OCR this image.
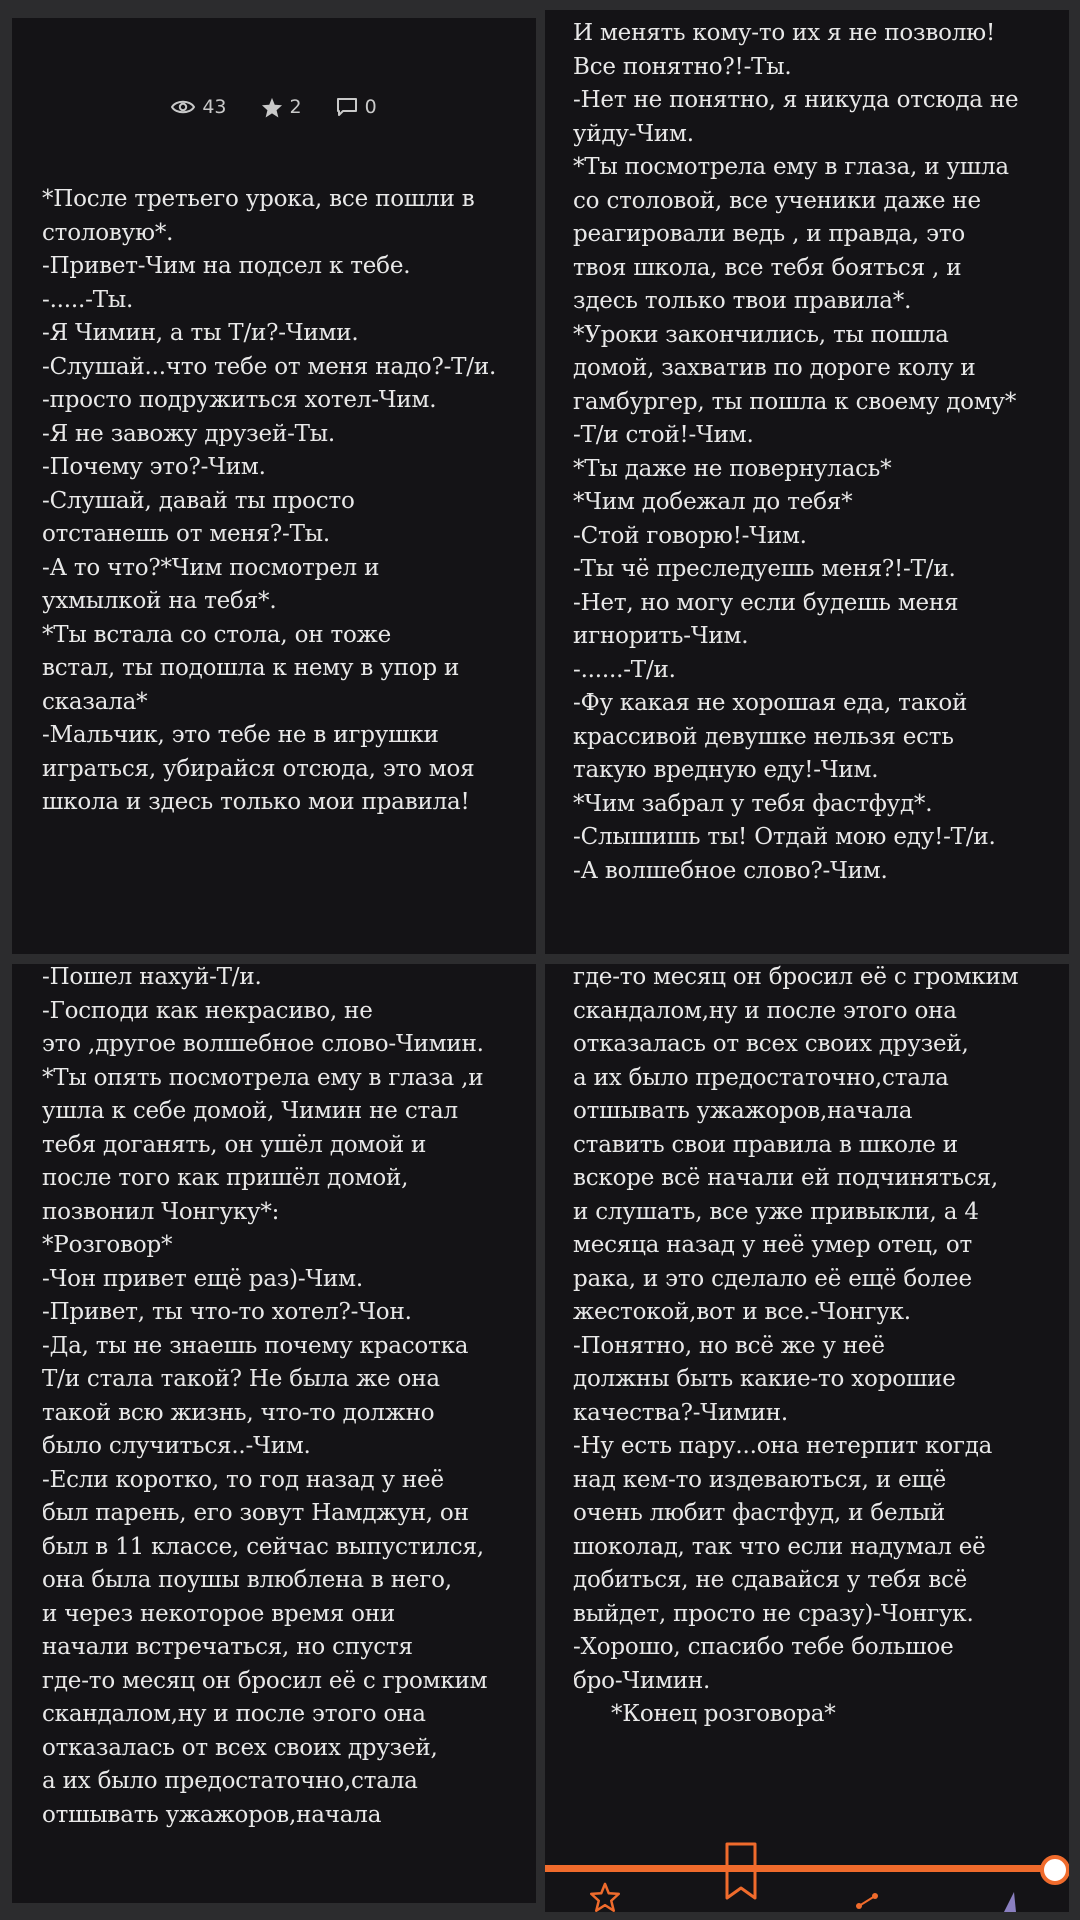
43	2	0
*После третьего урока, все пошли в
столовую*.
-Привет-Чим на подсел к тебе.
-.....-Ты.
-Я Чимин, а ты Т/и?-Чими.
-Слушай...что тебе от меня надо?-Т/и.
-просто подружиться хотел-Чим.
-Я не завожу друзей-Ты.
-Почему это?-Чим.
-Слушай, давай ты просто
отстанешь от меня?-Ты.
-А то что?*Чим посмотрел и
ухмылкой на тебя*.
*Ты встала со стола, он тоже
встал, ты подошла к нему в упор и
сказала*
-Мальчик, это тебе не в игрушки
играться, убирайся отсюда, это моя
школа и здесь только мои правила!
И менять кому-то их я не позволю!
Все понятно?!-Ты.
-Нет не понятно, я никуда отсюда не
уйду-Чим.
*Ты посмотрела ему в глаза, и ушла
со столовой, все ученики даже не
реагировали ведь , и правда, это
твоя школа, все тебя бояться , и
здесь только твои правила*.
*Уроки закончились, ты пошла
домой, захватив по дороге колу и
гамбургер, ты пошла к своему дому*
-Т/и стой!-Чим.
*Ты даже не повернулась*
*Чим добежал до тебя*
-Стой говорю!-Чим.
-Ты чё преследуешь меня?!-Т/и.
-Нет, но могу если будешь меня
игнорить-Чим.
-......-Т/и.
-Фу какая не хорошая еда, такой
крассивой девушке нельзя есть
такую вредную еду!-Чим.
*Чим забрал у тебя фастфуд*.
-Слышишь ты! Отдай мою еду!-Т/и.
-А волшебное слово?-Чим.
-Пошел нахуй-Т/и.
-Господи как некрасиво, не
это ,другое волшебное слово-Чимин.
*Ты опять посмотрела ему в глаза ,и
ушла к себе домой, Чимин не стал
тебя доганять, он ушёл домой и
после того как пришёл домой,
позвонил Чонгуку*:
*Розговор*
-Чон привет ещё раз)-Чим.
-Привет, ты что-то хотел?-Чон.
-Да, ты не знаешь почему красотка
Т/и стала такой? Не была же она
такой всю жизнь, что-то должно
было случиться..-Чим.
-Если коротко, то год назад у неё
был парень, его зовут Намджун, он
был в 11 классе, сейчас выпустился,
она была поушы влюблена в него,
и через некоторое время они
начали встречаться, но спустя
где-то месяц он бросил её с громким
скандалом,ну и после этого она
отказалась от всех своих друзей,
а их было предостаточно,стала
отшывать ужажоров,начала
где-то месяц он бросил её с громким
скандалом,ну и после этого она
отказалась от всех своих друзей,
а их было предостаточно,стала
отшывать ужажоров,начала
ставить свои правила в школе и
вскоре всё начали ей подчиняться,
и слушать, все уже привыкли, а 4
месяца назад у неё умер отец, от
рака, и это сделало её ещё более
жестокой,вот и все.-Чонгук.
-Понятно, но всё же у неё
должны быть какие-то хорошие
качества?-Чимин.
-Ну есть пару...она нетерпит когда
над кем-то издеваються, и ещё
очень любит фастфуд, и белый
шоколад, так что если надумал её
добиться, не сдавайся у тебя всё
выйдет, просто не сразу)-Чонгук.
-Хорошо, спасибо тебе большое
бро-Чимин.
*Конец розговора*
